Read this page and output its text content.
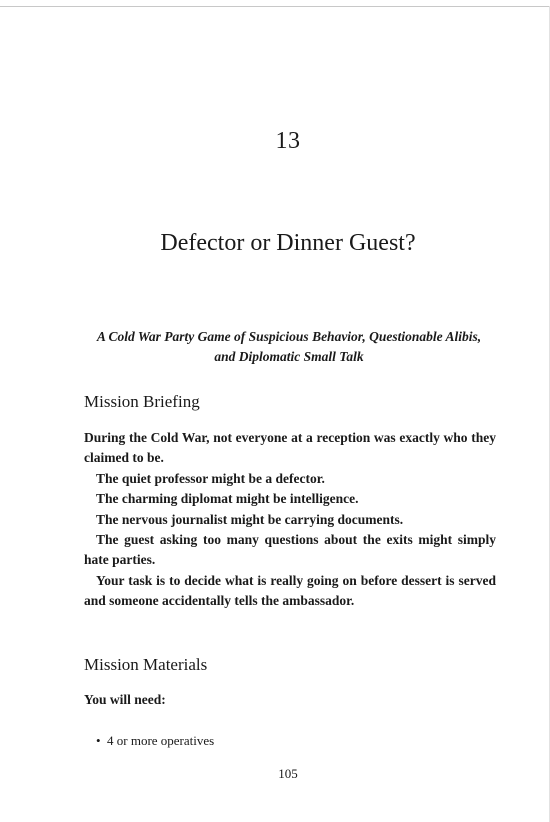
13
Defector or Dinner Guest?
A Cold War Party Game of Suspicious Behavior, Questionable Alibis,
and Diplomatic Small Talk
Mission Briefing

During the Cold War, not everyone at a reception was exactly who they claimed to be.

The quiet professor might be a defector.

The charming diplomat might be intelligence.

The nervous journalist might be carrying documents.

The guest asking too many questions about the exits might simply hate parties.

Your task is to decide what is really going on before dessert is served and someone accidentally tells the ambassador.

Mission Materials
You will need:
• 4 or more operatives
105
